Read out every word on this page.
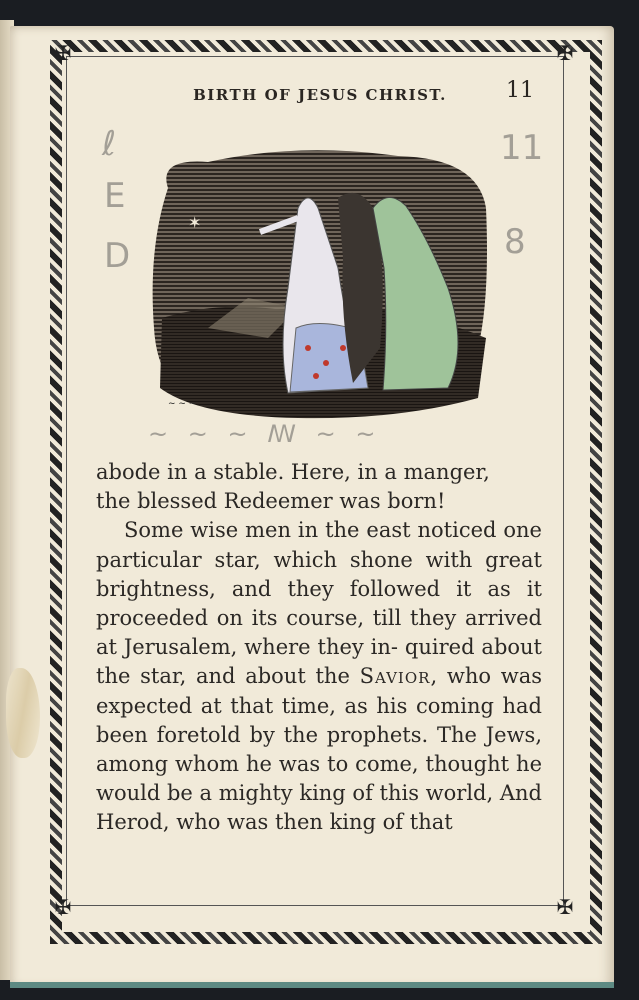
✠	✠
✠	✠
BIRTH OF JESUS CHRIST.	11
ℓ
E
D
11
8
~ ~ ~ ꟿ ~ ~
✶
~ ~ ~

abode in a stable. Here, in a manger,

the blessed Redeemer was born!

Some wise men in the east noticed one particular star, which shone with great brightness, and they followed it as it proceeded on its course, till they arrived at Jerusalem, where they in- quired about the star, and about the Savior, who was expected at that time, as his coming had been foretold by the prophets. The Jews, among whom he was to come, thought he would be a mighty king of this world, And Herod, who was then king of that
